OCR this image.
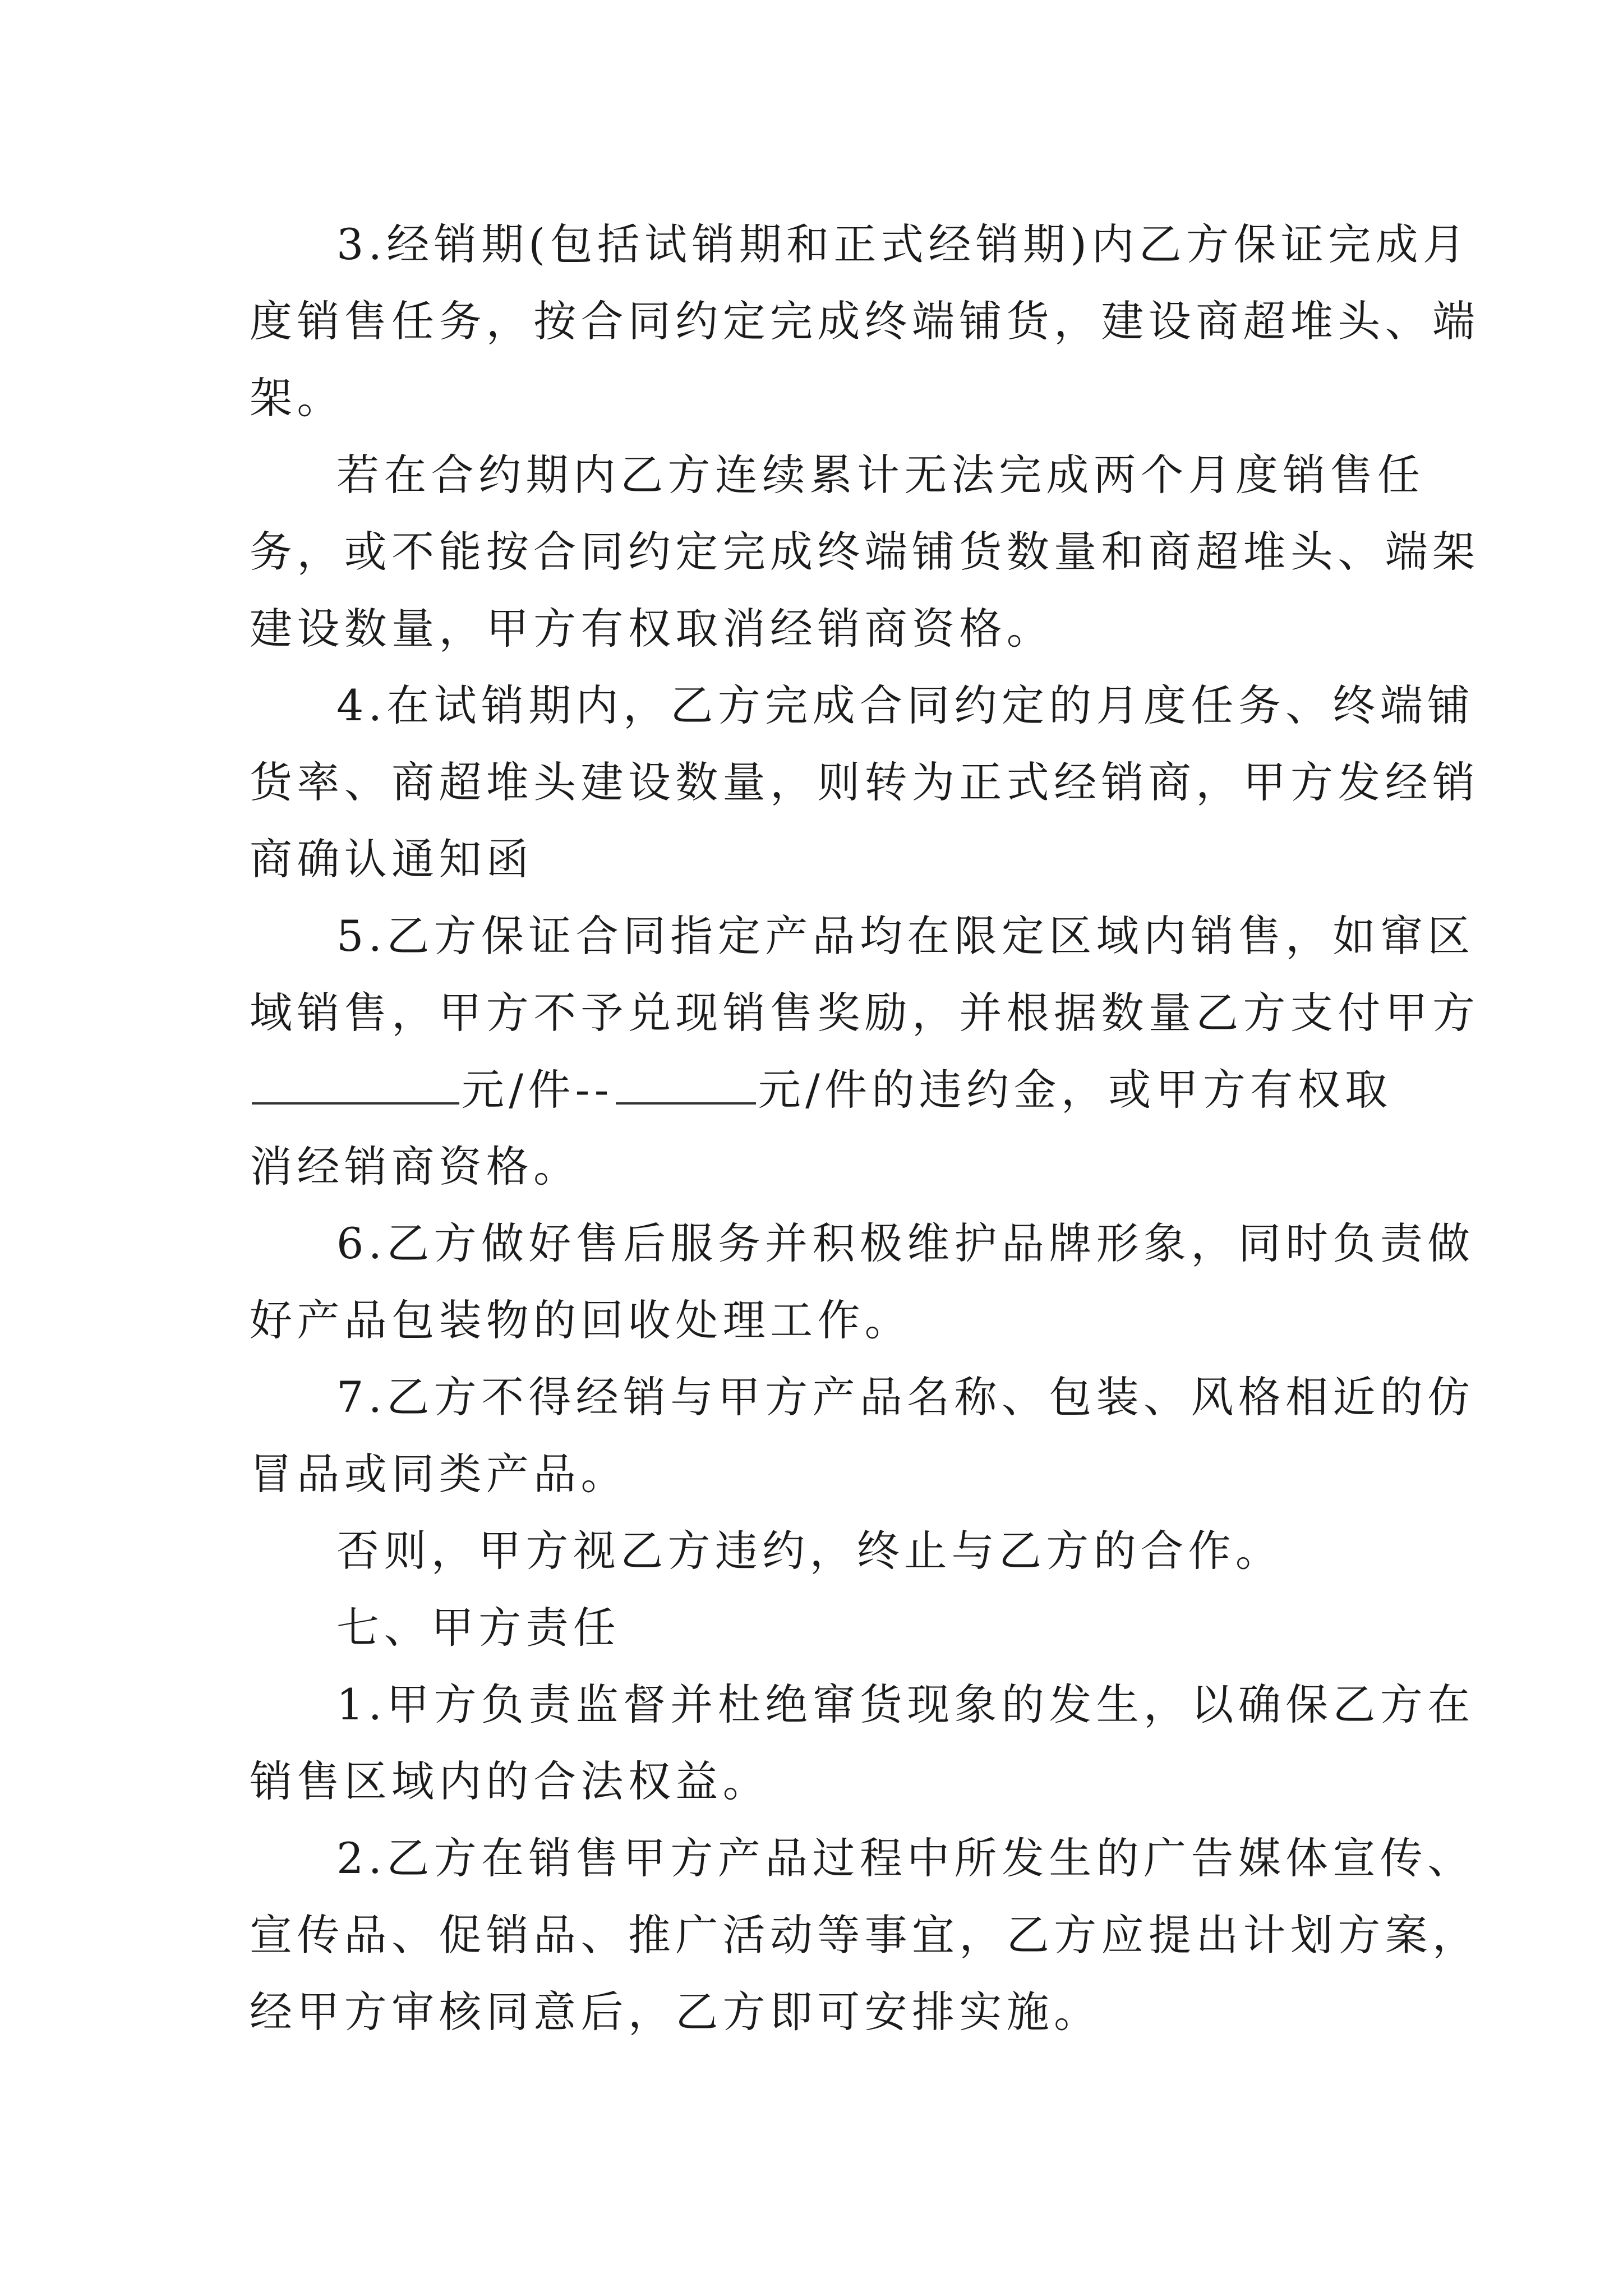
3.经销期(包括试销期和正式经销期)内乙方保证完成月
度销售任务，按合同约定完成终端铺货，建设商超堆头、端
架。
若在合约期内乙方连续累计无法完成两个月度销售任
务，或不能按合同约定完成终端铺货数量和商超堆头、端架
建设数量，甲方有权取消经销商资格。
4.在试销期内，乙方完成合同约定的月度任务、终端铺
货率、商超堆头建设数量，则转为正式经销商，甲方发经销
商确认通知函
5.乙方保证合同指定产品均在限定区域内销售，如窜区
域销售，甲方不予兑现销售奖励，并根据数量乙方支付甲方
元/件--	元/件的违约金，或甲方有权取
消经销商资格。
6.乙方做好售后服务并积极维护品牌形象，同时负责做
好产品包装物的回收处理工作。
7.乙方不得经销与甲方产品名称、包装、风格相近的仿
冒品或同类产品。
否则，甲方视乙方违约，终止与乙方的合作。
七、甲方责任
1.甲方负责监督并杜绝窜货现象的发生，以确保乙方在
销售区域内的合法权益。
2.乙方在销售甲方产品过程中所发生的广告媒体宣传、
宣传品、促销品、推广活动等事宜，乙方应提出计划方案，
经甲方审核同意后，乙方即可安排实施。
